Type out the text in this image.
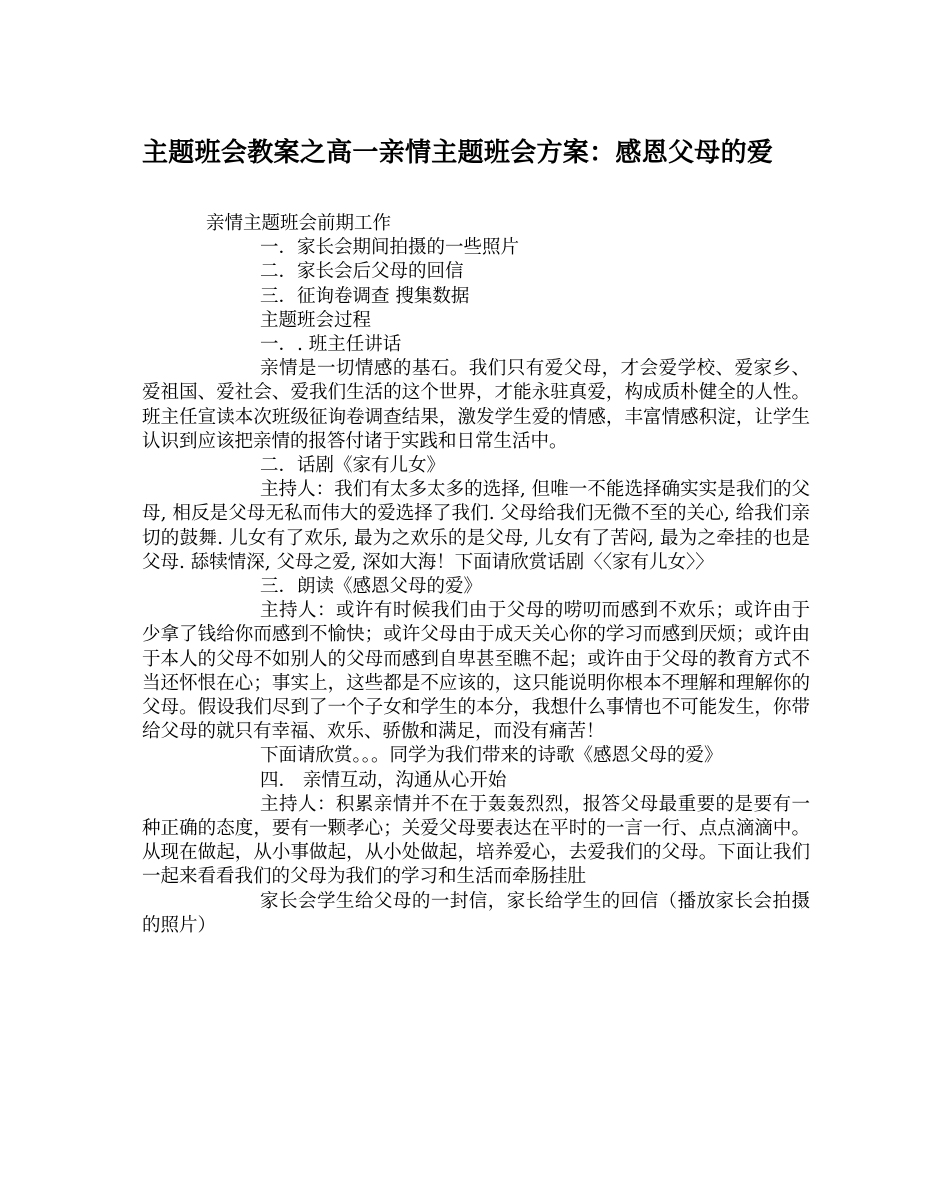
主题班会教案之高一亲情主题班会方案：感恩父母的爱

亲情主题班会前期工作

一．家长会期间拍摄的一些照片

二．家长会后父母的回信

三．征询卷调查 搜集数据

主题班会过程

一．. 班主任讲话

亲情是一切情感的基石。我们只有爱父母，才会爱学校、爱家乡、爱祖国、爱社会、爱我们生活的这个世界，才能永驻真爱，构成质朴健全的人性。班主任宣读本次班级征询卷调查结果，激发学生爱的情感，丰富情感积淀，让学生认识到应该把亲情的报答付诸于实践和日常生活中。

二．话剧《家有儿女》

主持人：我们有太多太多的选择, 但唯一不能选择确实实是我们的父母, 相反是父母无私而伟大的爱选择了我们. 父母给我们无微不至的关心, 给我们亲切的鼓舞. 儿女有了欢乐, 最为之欢乐的是父母, 儿女有了苦闷, 最为之牵挂的也是父母. 舔犊情深, 父母之爱, 深如大海！下面请欣赏话剧〈〈家有儿女〉〉

三．朗读《感恩父母的爱》

主持人：或许有时候我们由于父母的唠叨而感到不欢乐；或许由于少拿了钱给你而感到不愉快；或许父母由于成天关心你的学习而感到厌烦；或许由于本人的父母不如别人的父母而感到自卑甚至瞧不起；或许由于父母的教育方式不当还怀恨在心；事实上，这些都是不应该的，这只能说明你根本不理解和理解你的父母。假设我们尽到了一个子女和学生的本分，我想什么事情也不可能发生，你带给父母的就只有幸福、欢乐、骄傲和满足，而没有痛苦！

下面请欣赏。。。同学为我们带来的诗歌《感恩父母的爱》

四． 亲情互动，沟通从心开始

主持人：积累亲情并不在于轰轰烈烈，报答父母最重要的是要有一种正确的态度，要有一颗孝心；关爱父母要表达在平时的一言一行、点点滴滴中。从现在做起，从小事做起，从小处做起，培养爱心，去爱我们的父母。下面让我们一起来看看我们的父母为我们的学习和生活而牵肠挂肚

家长会学生给父母的一封信，家长给学生的回信（播放家长会拍摄的照片）
